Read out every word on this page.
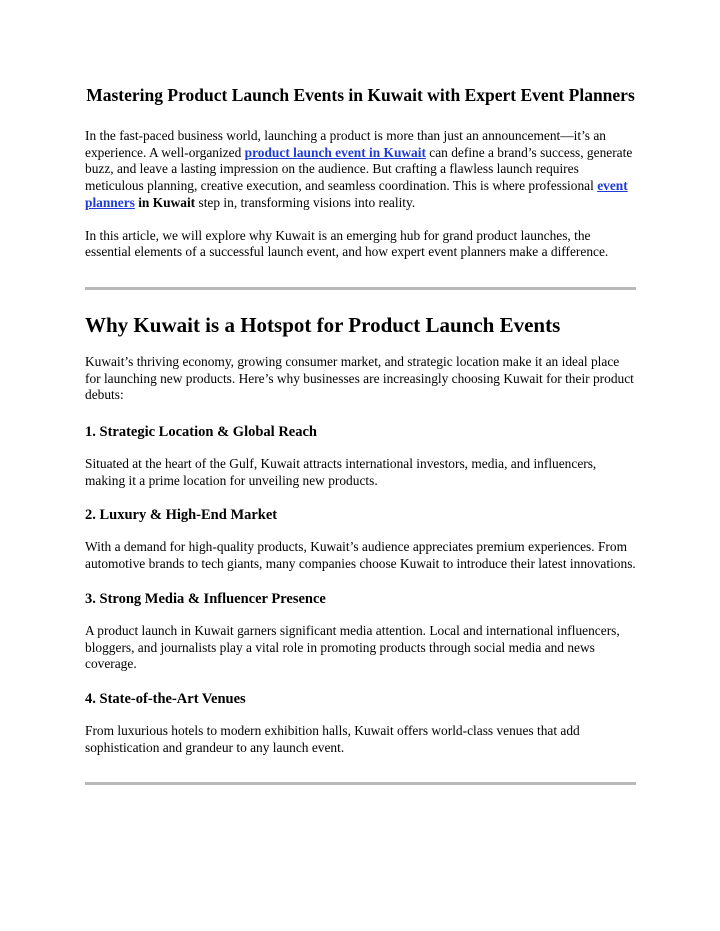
Mastering Product Launch Events in Kuwait with Expert Event Planners

In the fast-paced business world, launching a product is more than just an announcement—it’s an experience. A well-organized product launch event in Kuwait can define a brand’s success, generate buzz, and leave a lasting impression on the audience. But crafting a flawless launch requires meticulous planning, creative execution, and seamless coordination. This is where professional event planners in Kuwait step in, transforming visions into reality.

In this article, we will explore why Kuwait is an emerging hub for grand product launches, the essential elements of a successful launch event, and how expert event planners make a difference.

Why Kuwait is a Hotspot for Product Launch Events

Kuwait’s thriving economy, growing consumer market, and strategic location make it an ideal place for launching new products. Here’s why businesses are increasingly choosing Kuwait for their product debuts:

1. Strategic Location & Global Reach

Situated at the heart of the Gulf, Kuwait attracts international investors, media, and influencers, making it a prime location for unveiling new products.

2. Luxury & High-End Market

With a demand for high-quality products, Kuwait’s audience appreciates premium experiences. From automotive brands to tech giants, many companies choose Kuwait to introduce their latest innovations.

3. Strong Media & Influencer Presence

A product launch in Kuwait garners significant media attention. Local and international influencers, bloggers, and journalists play a vital role in promoting products through social media and news coverage.

4. State-of-the-Art Venues

From luxurious hotels to modern exhibition halls, Kuwait offers world-class venues that add sophistication and grandeur to any launch event.
